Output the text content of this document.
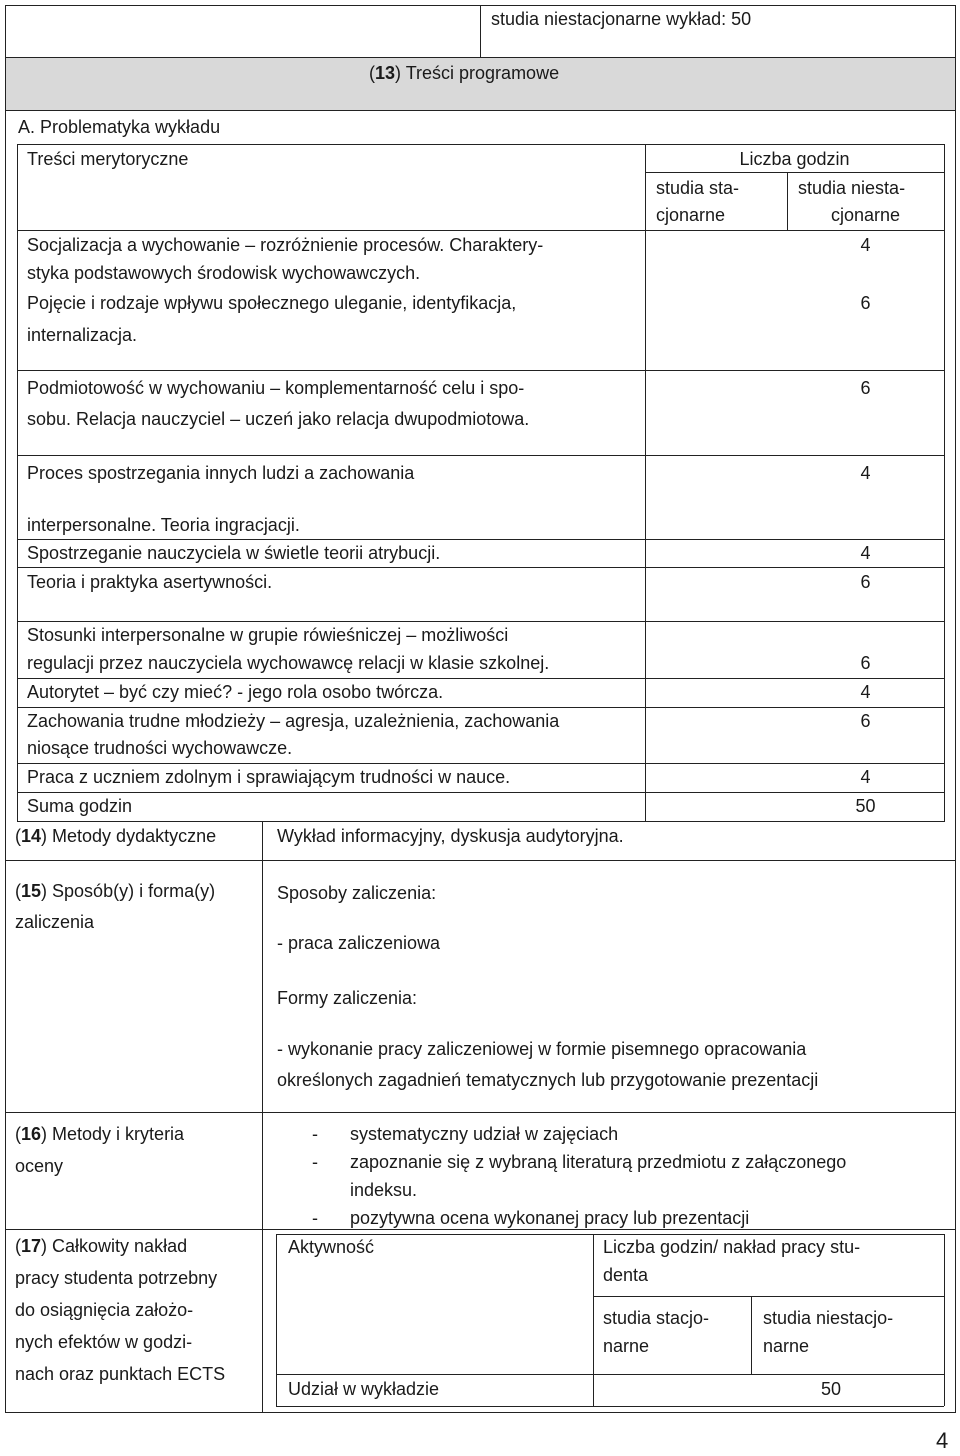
studia niestacjonarne wykład: 50
(13) Treści programowe
A. Problematyka wykładu
Treści merytoryczne	Liczba godzin
studia sta-
cjonarne
studia niesta-
cjonarne
Socjalizacja a wychowanie – rozróżnienie procesów. Charaktery-
styka podstawowych środowisk wychowawczych.
4
Pojęcie i rodzaje wpływu społecznego uleganie, identyfikacja,
internalizacja.
6
Podmiotowość w wychowaniu – komplementarność celu i spo-
sobu. Relacja nauczyciel – uczeń jako relacja dwupodmiotowa.
6
Proces spostrzegania innych ludzi a zachowania
interpersonalne. Teoria ingracjacji.
4
Spostrzeganie nauczyciela w świetle teorii atrybucji.	4
Teoria i praktyka asertywności.	6
Stosunki interpersonalne w grupie rówieśniczej – możliwości
regulacji przez nauczyciela wychowawcę relacji w klasie szkolnej.	6
Autorytet – być czy mieć? - jego rola osobo twórcza.	4
Zachowania trudne młodzieży – agresja, uzależnienia, zachowania
niosące trudności wychowawcze.
6
Praca z uczniem zdolnym i sprawiającym trudności w nauce.	4
Suma godzin	50
(14) Metody dydaktyczne	Wykład informacyjny, dyskusja audytoryjna.
(15) Sposób(y) i forma(y)
zaliczenia
Sposoby zaliczenia:
- praca zaliczeniowa
Formy zaliczenia:
- wykonanie pracy zaliczeniowej w formie pisemnego opracowania
określonych zagadnień tematycznych lub przygotowanie prezentacji
(16) Metody i kryteria
oceny
- systematyczny udział w zajęciach
- zapoznanie się z wybraną literaturą przedmiotu z załączonego
indeksu.
- pozytywna ocena wykonanej pracy lub prezentacji
(17) Całkowity nakład
pracy studenta potrzebny
do osiągnięcia założo-
nych efektów w godzi-
nach oraz punktach ECTS
Aktywność	Liczba godzin/ nakład pracy stu-
denta
studia stacjo-
narne
studia niestacjo-
narne
Udział w wykładzie	50
4
